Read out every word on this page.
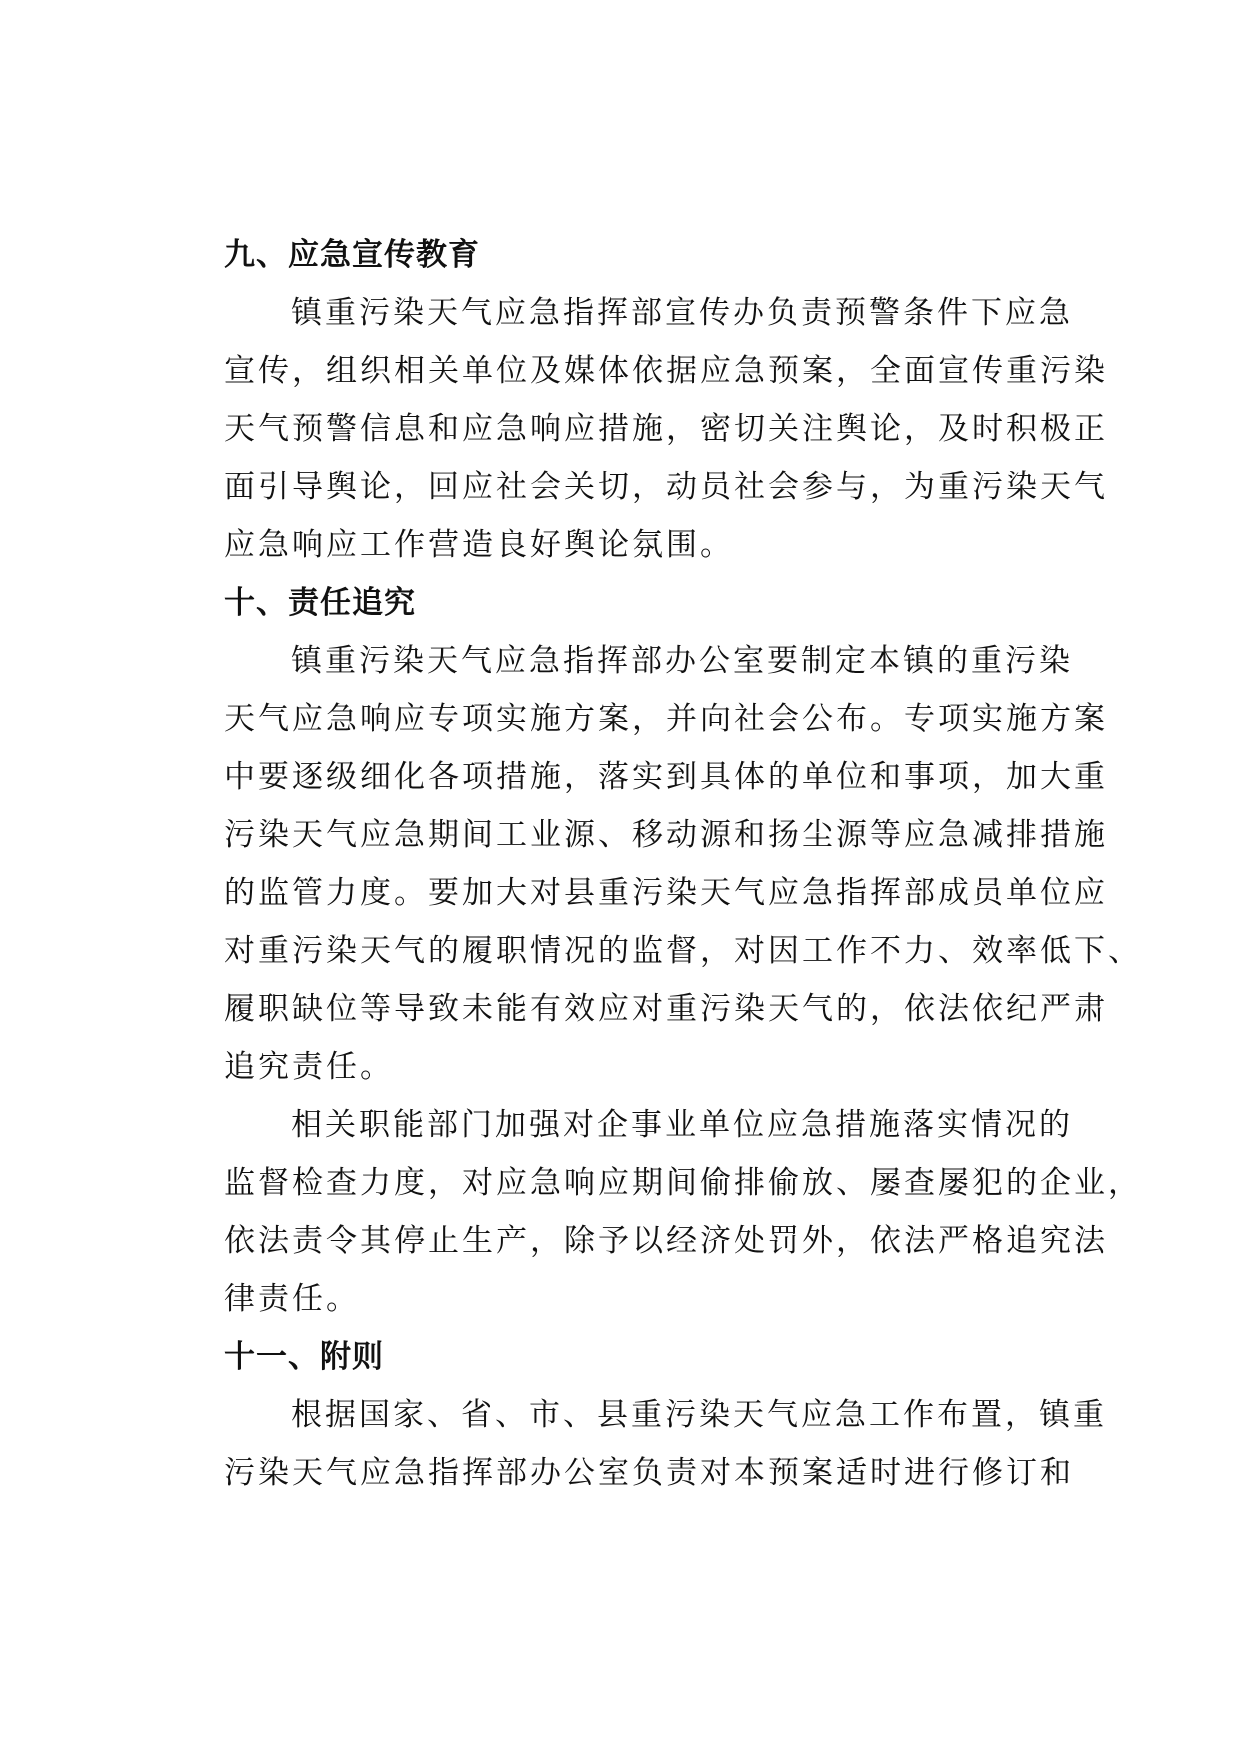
九、应急宣传教育
镇重污染天气应急指挥部宣传办负责预警条件下应急
宣传，组织相关单位及媒体依据应急预案，全面宣传重污染
天气预警信息和应急响应措施，密切关注舆论，及时积极正
面引导舆论，回应社会关切，动员社会参与，为重污染天气
应急响应工作营造良好舆论氛围。
十、责任追究
镇重污染天气应急指挥部办公室要制定本镇的重污染
天气应急响应专项实施方案，并向社会公布。专项实施方案
中要逐级细化各项措施，落实到具体的单位和事项，加大重
污染天气应急期间工业源、移动源和扬尘源等应急减排措施
的监管力度。要加大对县重污染天气应急指挥部成员单位应
对重污染天气的履职情况的监督，对因工作不力、效率低下、
履职缺位等导致未能有效应对重污染天气的，依法依纪严肃
追究责任。
相关职能部门加强对企事业单位应急措施落实情况的
监督检查力度，对应急响应期间偷排偷放、屡查屡犯的企业，
依法责令其停止生产，除予以经济处罚外，依法严格追究法
律责任。
十一、附则
根据国家、省、市、县重污染天气应急工作布置，镇重
污染天气应急指挥部办公室负责对本预案适时进行修订和
